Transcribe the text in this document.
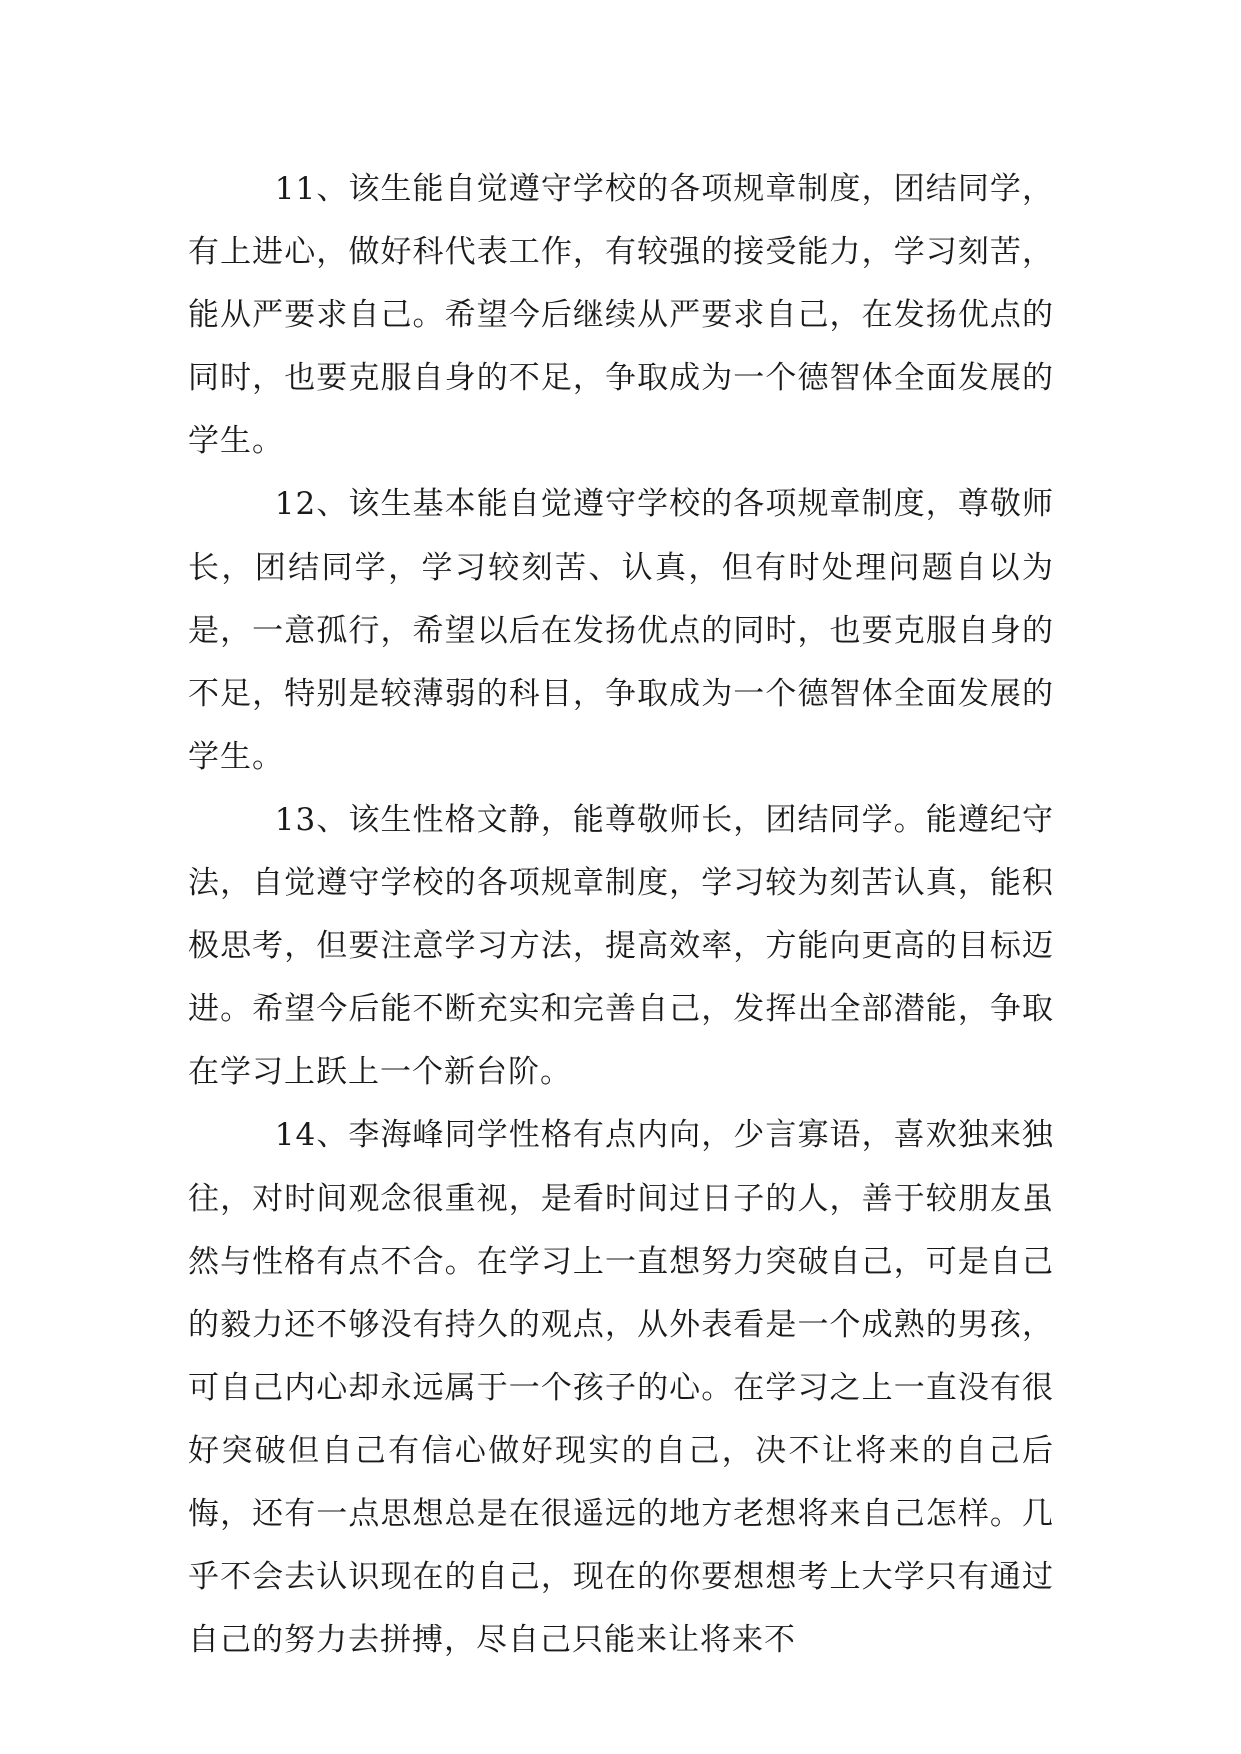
11、该生能自觉遵守学校的各项规章制度，团结同学，有上进心，做好科代表工作，有较强的接受能力，学习刻苦，能从严要求自己。希望今后继续从严要求自己，在发扬优点的同时，也要克服自身的不足，争取成为一个德智体全面发展的学生。

12、该生基本能自觉遵守学校的各项规章制度，尊敬师长，团结同学，学习较刻苦、认真，但有时处理问题自以为是，一意孤行，希望以后在发扬优点的同时，也要克服自身的不足，特别是较薄弱的科目，争取成为一个德智体全面发展的学生。

13、该生性格文静，能尊敬师长，团结同学。能遵纪守法，自觉遵守学校的各项规章制度，学习较为刻苦认真，能积极思考，但要注意学习方法，提高效率，方能向更高的目标迈进。希望今后能不断充实和完善自己，发挥出全部潜能，争取在学习上跃上一个新台阶。

14、李海峰同学性格有点内向，少言寡语，喜欢独来独往，对时间观念很重视，是看时间过日子的人，善于较朋友虽然与性格有点不合。在学习上一直想努力突破自己，可是自己的毅力还不够没有持久的观点，从外表看是一个成熟的男孩，可自己内心却永远属于一个孩子的心。在学习之上一直没有很好突破但自己有信心做好现实的自己，决不让将来的自己后悔，还有一点思想总是在很遥远的地方老想将来自己怎样。几乎不会去认识现在的自己，现在的你要想想考上大学只有通过自己的努力去拼搏，尽自己只能来让将来不
